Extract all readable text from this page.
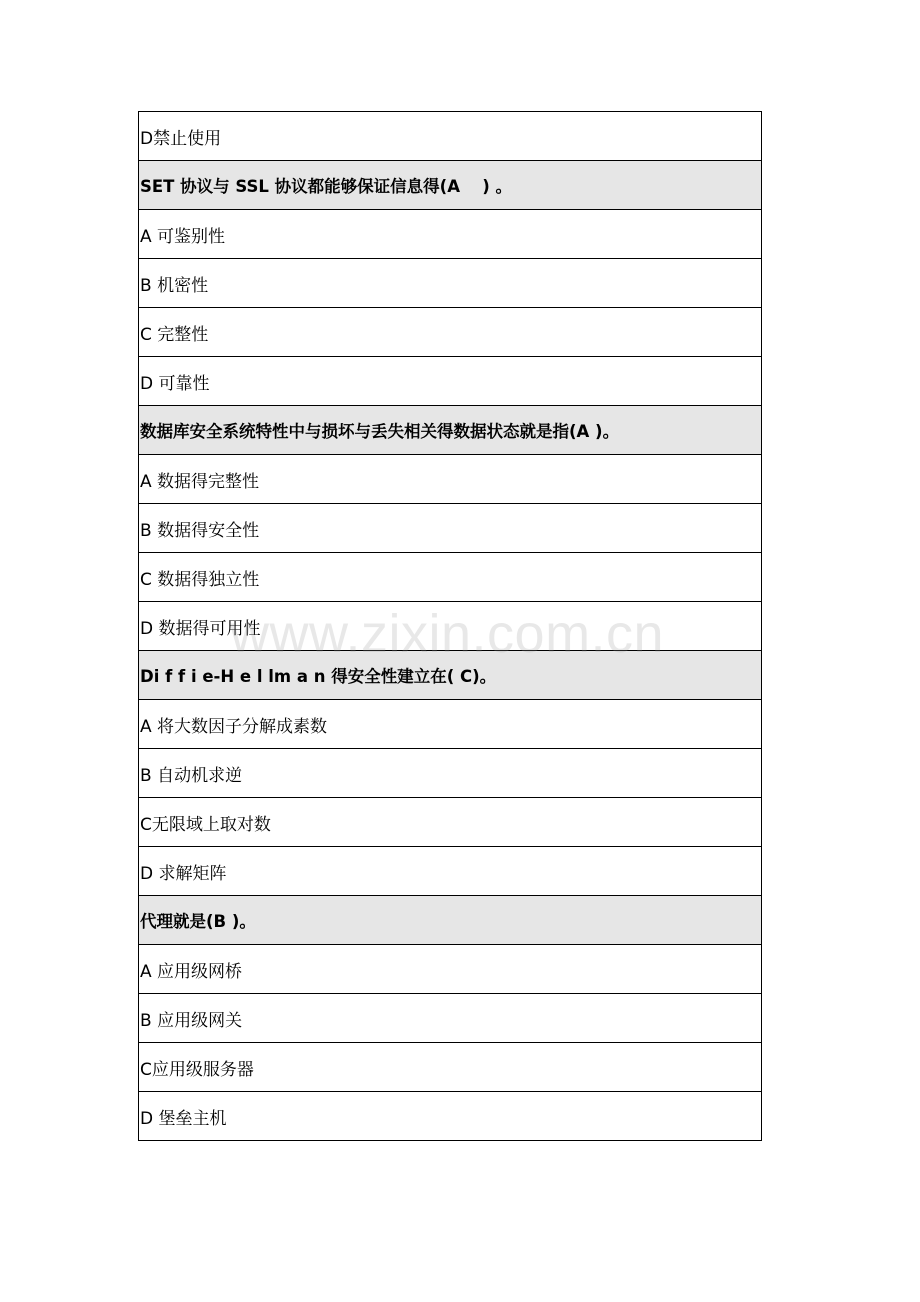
D禁止使用
SET 协议与 SSL 协议都能够保证信息得(A　 ) 。
A 可鉴别性
B 机密性
C 完整性
D 可靠性
数据库安全系统特性中与损坏与丢失相关得数据状态就是指(A )。
A 数据得完整性
B 数据得安全性
C 数据得独立性
D 数据得可用性
Di f f i e-H e l lm a n 得安全性建立在( C)。
A 将大数因子分解成素数
B 自动机求逆
C无限域上取对数
D 求解矩阵
代理就是(B )。
A 应用级网桥
B 应用级网关
C应用级服务器
D 堡垒主机
www.zixin.com.cn
